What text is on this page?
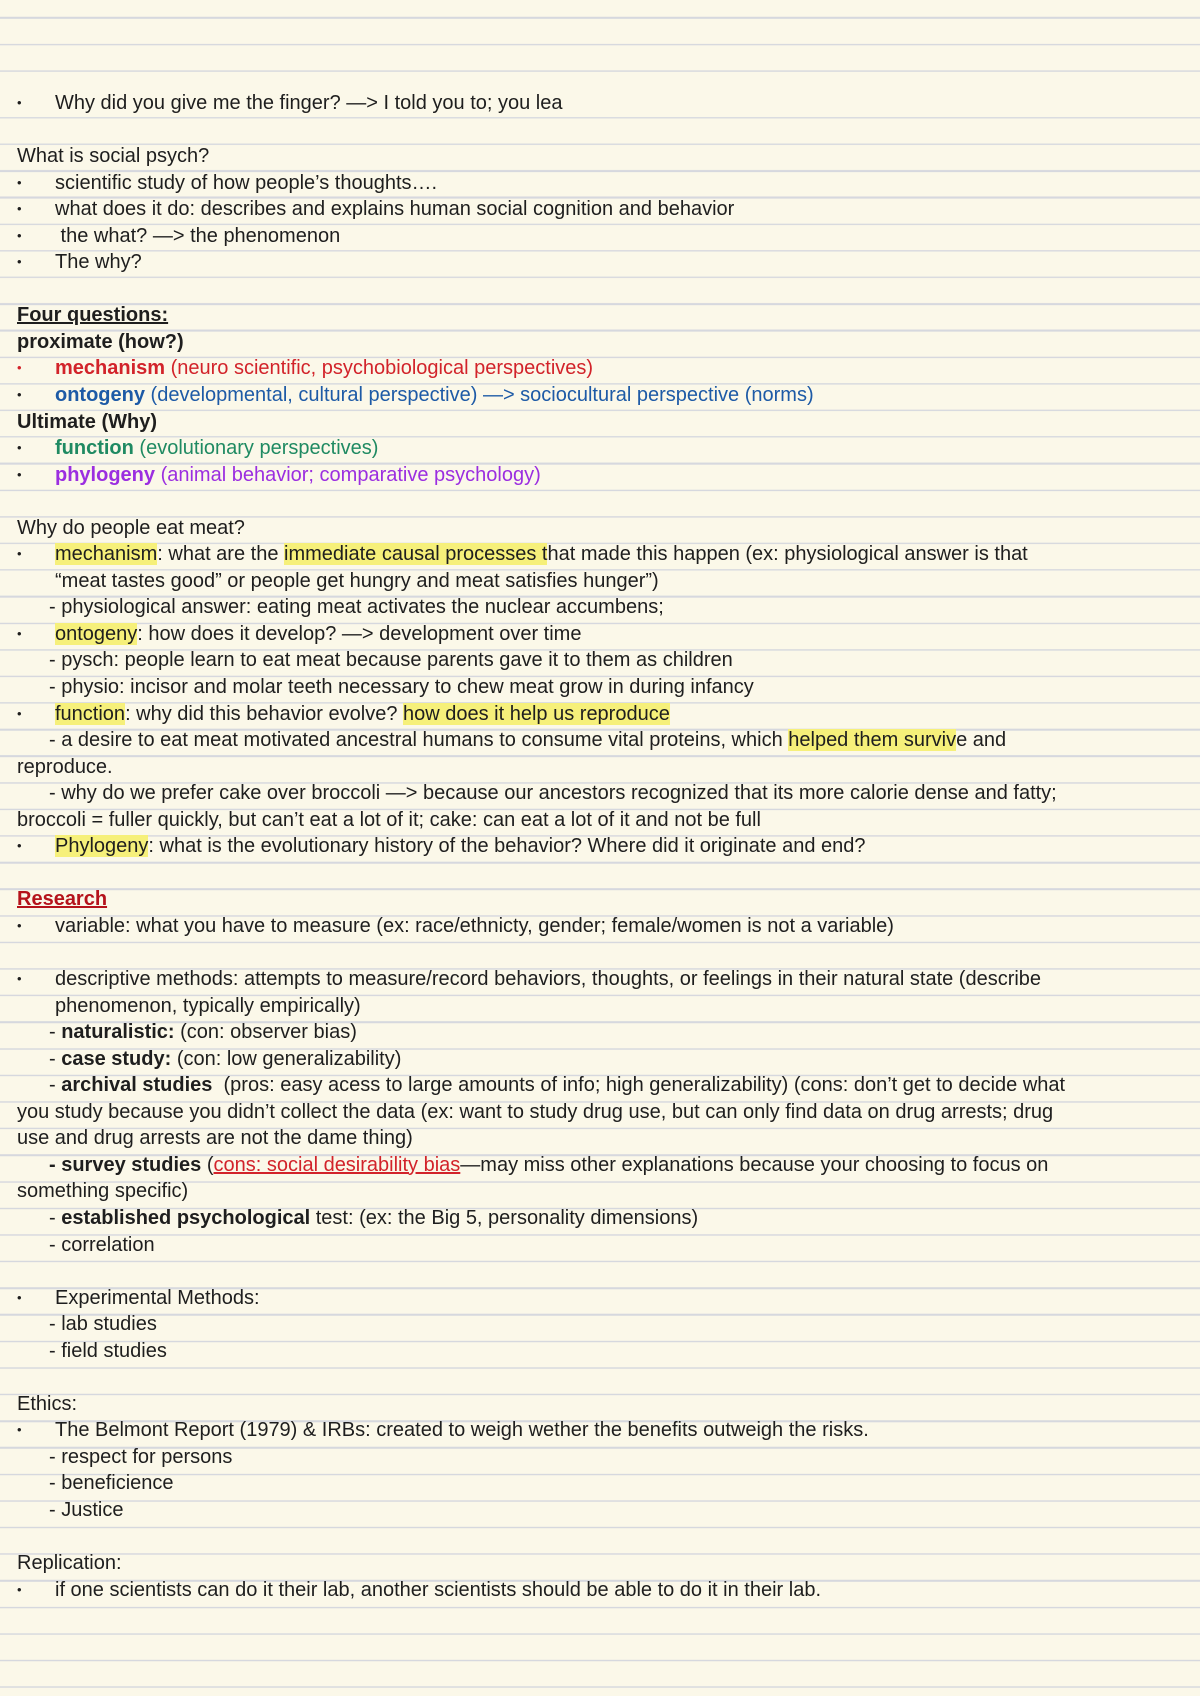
• Why did you give me the finger? —> I told you to; you lea
What is social psych?
• scientific study of how people’s thoughts….
• what does it do: describes and explains human social cognition and behavior
• the what? —> the phenomenon
• The why?
Four questions:
proximate (how?)
• mechanism (neuro scientific, psychobiological perspectives)
• ontogeny (developmental, cultural perspective) —> sociocultural perspective (norms)
Ultimate (Why)
• function (evolutionary perspectives)
• phylogeny (animal behavior; comparative psychology)
Why do people eat meat?
• mechanism: what are the immediate causal processes that made this happen (ex: physiological answer is that
“meat tastes good” or people get hungry and meat satisfies hunger”)
- physiological answer: eating meat activates the nuclear accumbens;
• ontogeny: how does it develop? —> development over time
- pysch: people learn to eat meat because parents gave it to them as children
- physio: incisor and molar teeth necessary to chew meat grow in during infancy
• function: why did this behavior evolve? how does it help us reproduce
- a desire to eat meat motivated ancestral humans to consume vital proteins, which helped them survive and
reproduce.
- why do we prefer cake over broccoli —> because our ancestors recognized that its more calorie dense and fatty;
broccoli = fuller quickly, but can’t eat a lot of it; cake: can eat a lot of it and not be full
• Phylogeny: what is the evolutionary history of the behavior? Where did it originate and end?
Research
• variable: what you have to measure (ex: race/ethnicty, gender; female/women is not a variable)
• descriptive methods: attempts to measure/record behaviors, thoughts, or feelings in their natural state (describe
phenomenon, typically empirically)
- naturalistic: (con: observer bias)
- case study: (con: low generalizability)
- archival studies  (pros: easy acess to large amounts of info; high generalizability) (cons: don’t get to decide what
you study because you didn’t collect the data (ex: want to study drug use, but can only find data on drug arrests; drug
use and drug arrests are not the dame thing)
- survey studies (cons: social desirability bias—may miss other explanations because your choosing to focus on
something specific)
- established psychological test: (ex: the Big 5, personality dimensions)
- correlation
• Experimental Methods:
- lab studies
- field studies
Ethics:
• The Belmont Report (1979) & IRBs: created to weigh wether the benefits outweigh the risks.
- respect for persons
- beneficience
- Justice
Replication:
• if one scientists can do it their lab, another scientists should be able to do it in their lab.
